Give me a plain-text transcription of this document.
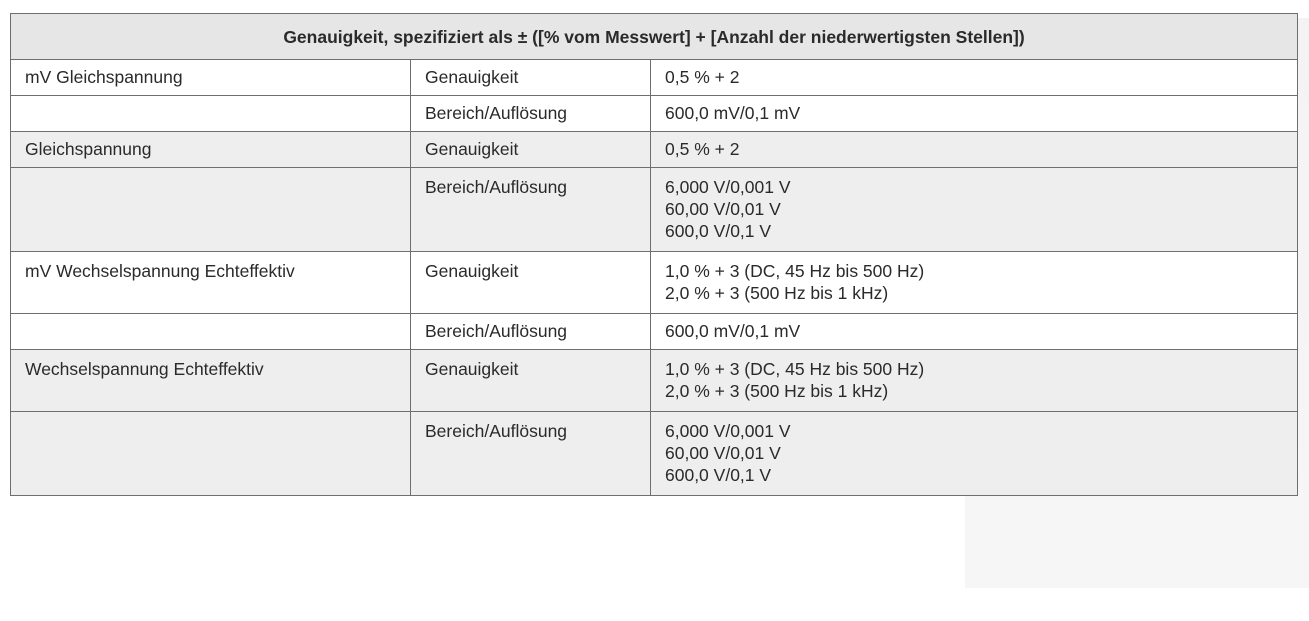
Genauigkeit, spezifiziert als ± ([% vom Messwert] + [Anzahl der niederwertigsten Stellen])		
mV Gleichspannung	Genauigkeit	0,5 % + 2

	Bereich/Auflösung	600,0 mV/0,1 mV

Gleichspannung	Genauigkeit	0,5 % + 2

	Bereich/Auflösung	6,000 V/0,001 V
60,00 V/0,01 V
600,0 V/0,1 V

mV Wechselspannung Echteffektiv	Genauigkeit	1,0 % + 3 (DC, 45 Hz bis 500 Hz)
2,0 % + 3 (500 Hz bis 1 kHz)

	Bereich/Auflösung	600,0 mV/0,1 mV

Wechselspannung Echteffektiv	Genauigkeit	1,0 % + 3 (DC, 45 Hz bis 500 Hz)
2,0 % + 3 (500 Hz bis 1 kHz)

	Bereich/Auflösung	6,000 V/0,001 V
60,00 V/0,01 V
600,0 V/0,1 V
